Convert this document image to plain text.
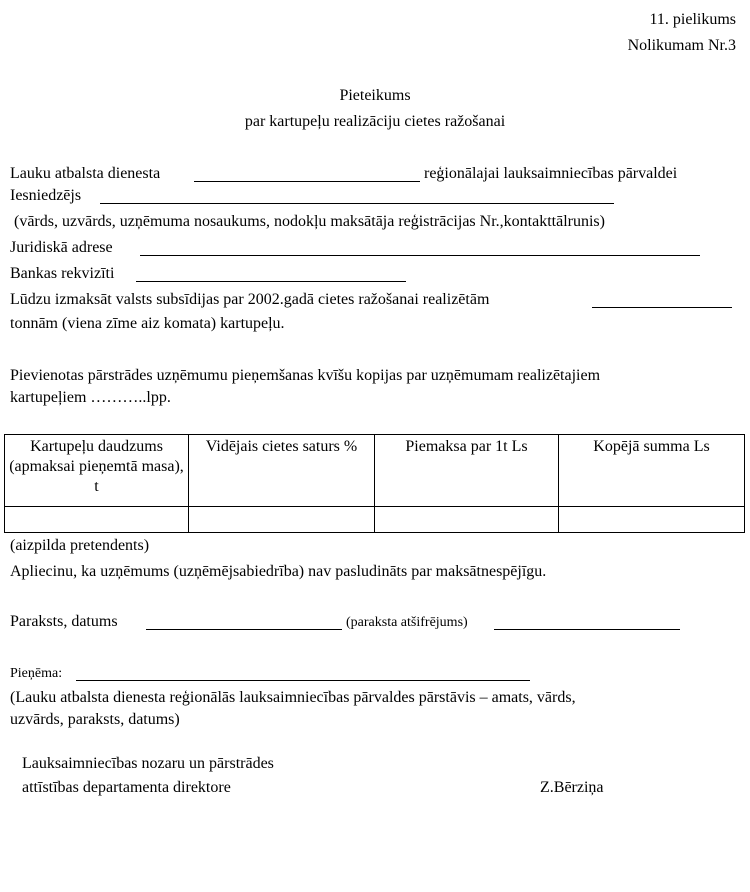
11. pielikums
Nolikumam Nr.3
Pieteikums
par kartupeļu realizāciju cietes ražošanai
Lauku atbalsta dienesta	reģionālajai lauksaimniecības pārvaldei
Iesniedzējs
(vārds, uzvārds, uzņēmuma nosaukums, nodokļu maksātāja reģistrācijas Nr.,kontakttālrunis)
Juridiskā adrese
Bankas rekvizīti
Lūdzu izmaksāt valsts subsīdijas par 2002.gadā cietes ražošanai realizētām
tonnām (viena zīme aiz komata) kartupeļu.
Pievienotas pārstrādes uzņēmumu pieņemšanas kvīšu kopijas par uzņēmumam realizētajiem
kartupeļiem ………..lpp.
Kartupeļu daudzums (apmaksai pieņemtā masa), t	Vidējais cietes saturs %	Piemaksa par 1t Ls	Kopējā summa Ls

(aizpilda pretendents)
Apliecinu, ka uzņēmums (uzņēmējsabiedrība) nav pasludināts par maksātnespējīgu.
Paraksts, datums	(paraksta atšifrējums)
Pieņēma:
(Lauku atbalsta dienesta reģionālās lauksaimniecības pārvaldes pārstāvis – amats, vārds,
uzvārds, paraksts, datums)
Lauksaimniecības nozaru un pārstrādes
attīstības departamenta direktore	Z.Bērziņa
